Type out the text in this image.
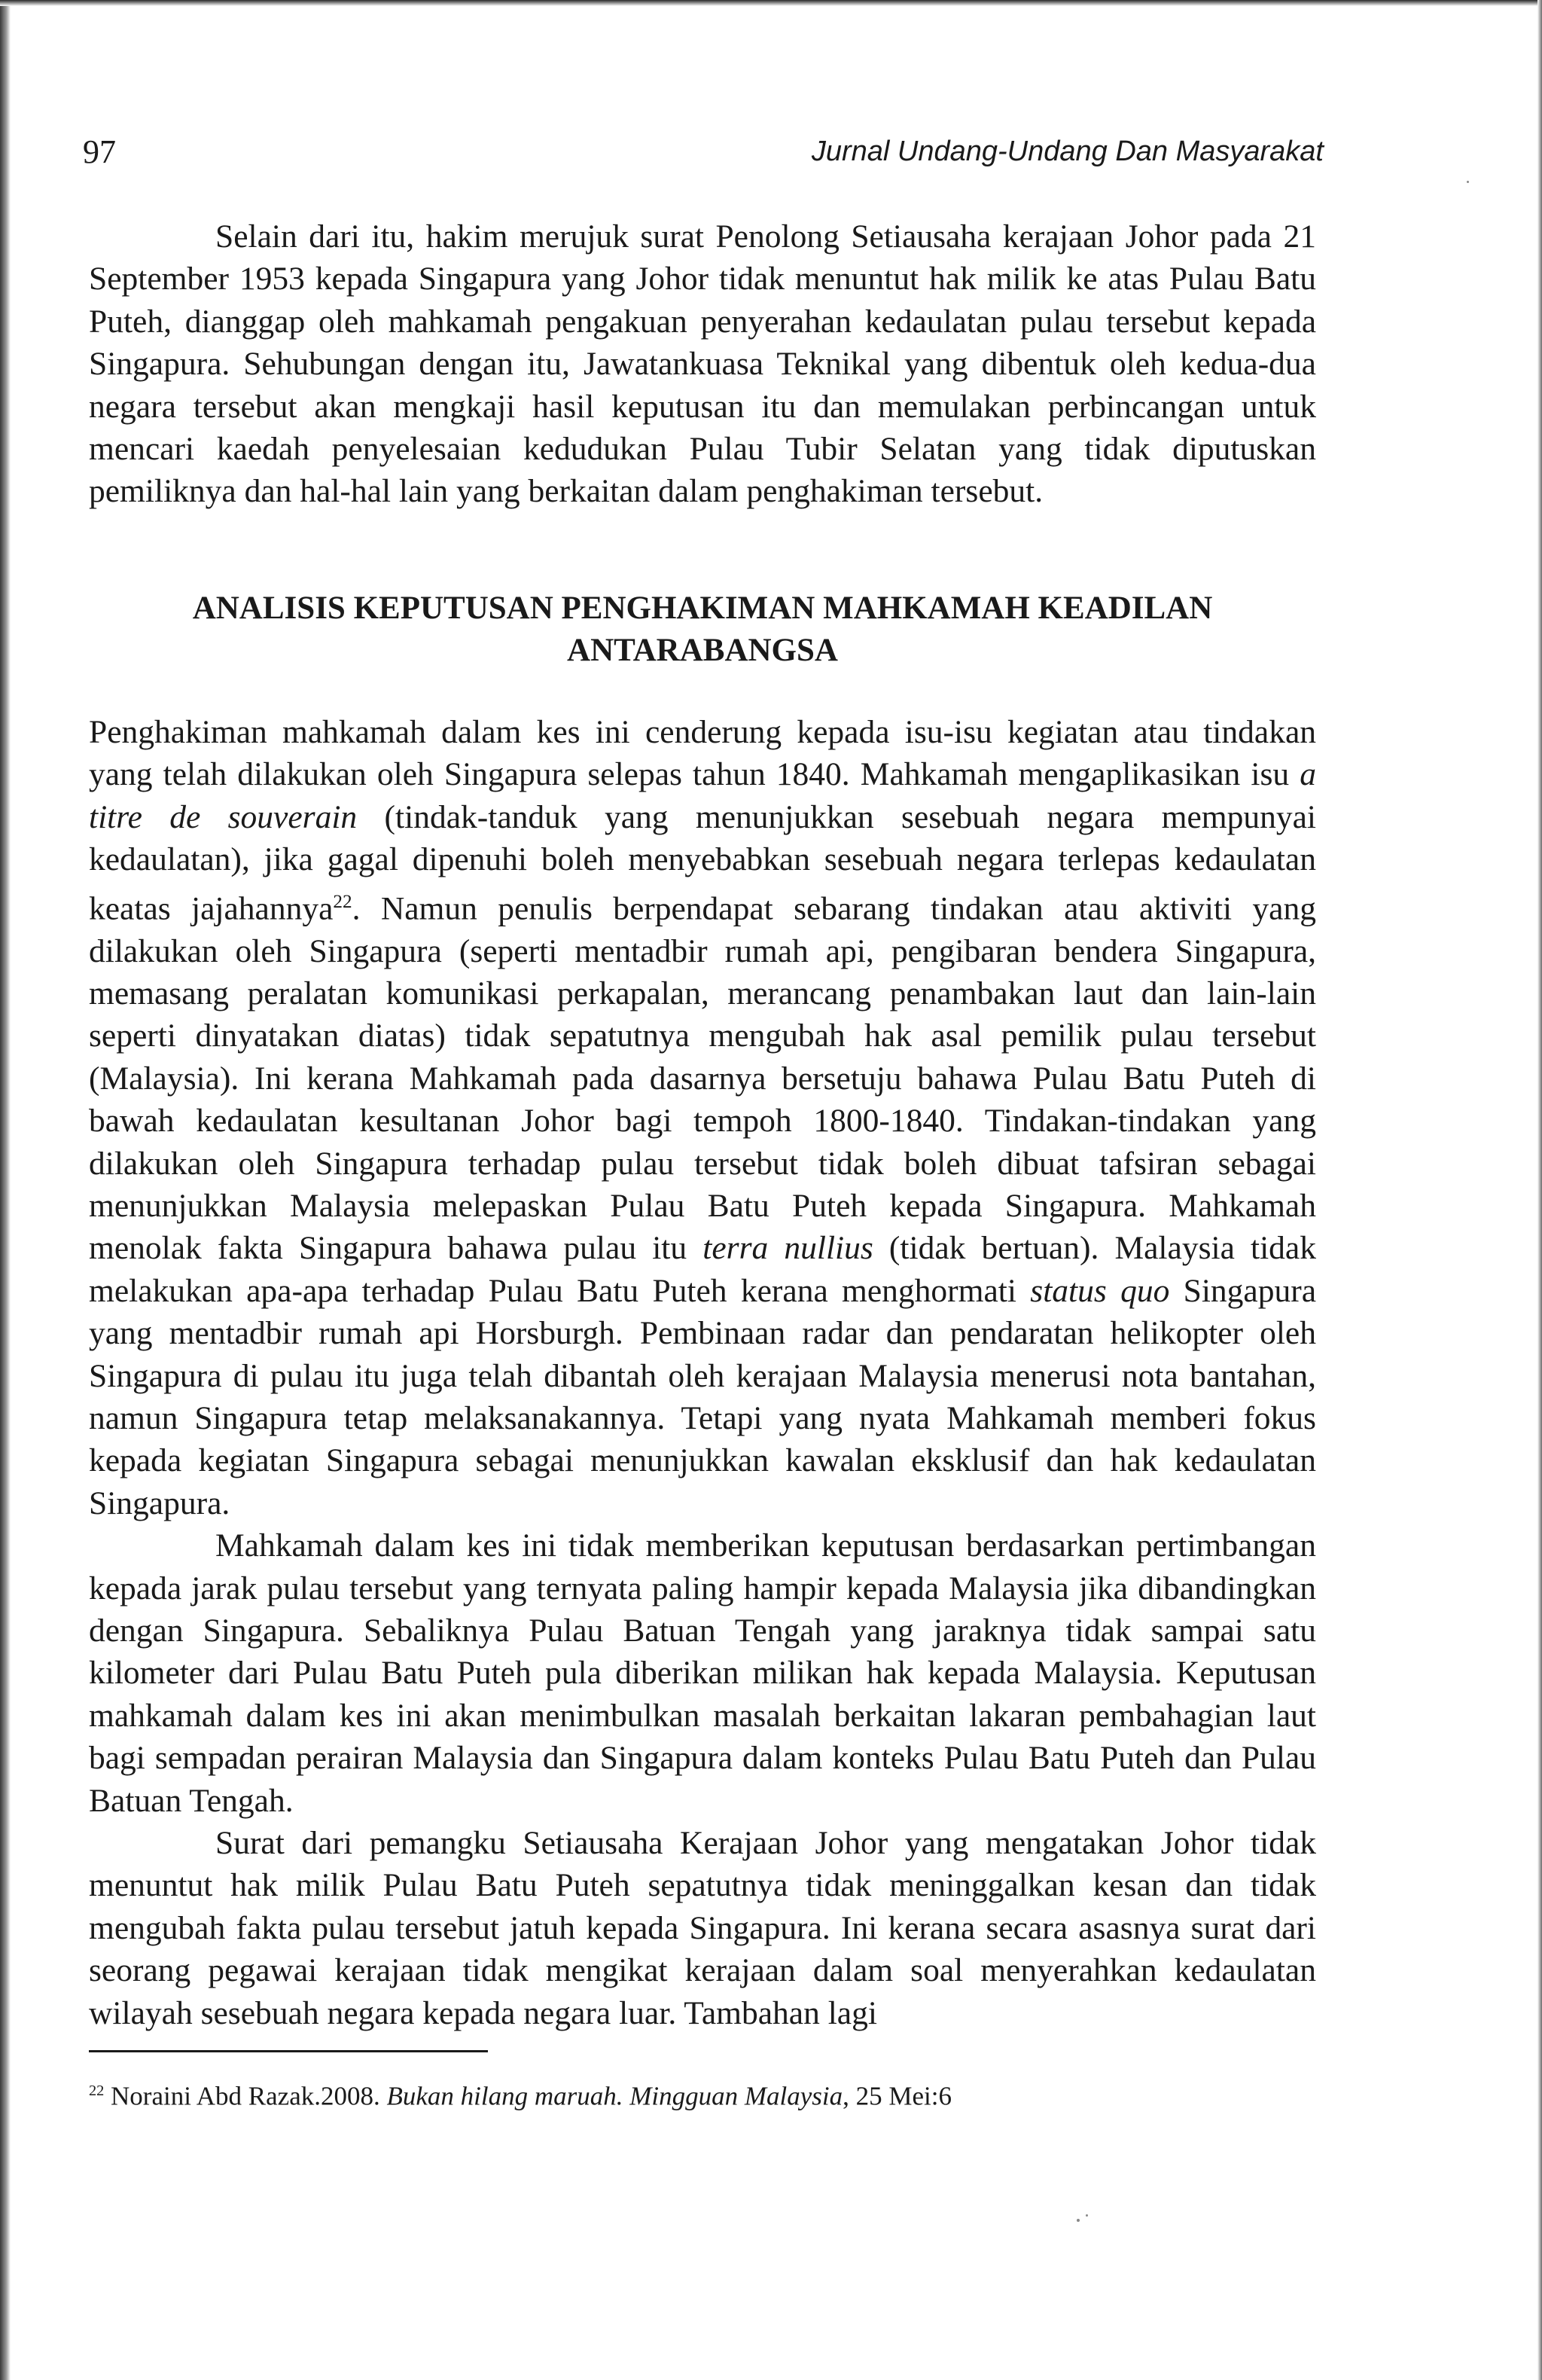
97	Jurnal Undang-Undang Dan Masyarakat

Selain dari itu, hakim merujuk surat Penolong Setiausaha kerajaan Johor pada 21 September 1953 kepada Singapura yang Johor tidak menuntut hak milik ke atas Pulau Batu Puteh, dianggap oleh mahkamah pengakuan penyerahan kedaulatan pulau tersebut kepada Singapura. Sehubungan dengan itu, Jawatankuasa Teknikal yang dibentuk oleh kedua-dua negara tersebut akan mengkaji hasil keputusan itu dan memulakan perbincangan untuk mencari kaedah penyelesaian kedudukan Pulau Tubir Selatan yang tidak diputuskan pemiliknya dan hal-hal lain yang berkaitan dalam penghakiman tersebut.

ANALISIS KEPUTUSAN PENGHAKIMAN MAHKAMAH KEADILAN
ANTARABANGSA

Penghakiman mahkamah dalam kes ini cenderung kepada isu-isu kegiatan atau tindakan yang telah dilakukan oleh Singapura selepas tahun 1840. Mahkamah mengaplikasikan isu a titre de souverain (tindak-tanduk yang menunjukkan sesebuah negara mempunyai kedaulatan), jika gagal dipenuhi boleh menyebabkan sesebuah negara terlepas kedaulatan keatas jajahannya$^{22}$. Namun penulis berpendapat sebarang tindakan atau aktiviti yang dilakukan oleh Singapura (seperti mentadbir rumah api, pengibaran bendera Singapura, memasang peralatan komunikasi perkapalan, merancang penambakan laut dan lain-lain seperti dinyatakan diatas) tidak sepatutnya mengubah hak asal pemilik pulau tersebut (Malaysia). Ini kerana Mahkamah pada dasarnya bersetuju bahawa Pulau Batu Puteh di bawah kedaulatan kesultanan Johor bagi tempoh 1800-1840. Tindakan-tindakan yang dilakukan oleh Singapura terhadap pulau tersebut tidak boleh dibuat tafsiran sebagai menunjukkan Malaysia melepaskan Pulau Batu Puteh kepada Singapura. Mahkamah menolak fakta Singapura bahawa pulau itu terra nullius (tidak bertuan). Malaysia tidak melakukan apa-apa terhadap Pulau Batu Puteh kerana menghormati status quo Singapura yang mentadbir rumah api Horsburgh. Pembinaan radar dan pendaratan helikopter oleh Singapura di pulau itu juga telah dibantah oleh kerajaan Malaysia menerusi nota bantahan, namun Singapura tetap melaksanakannya. Tetapi yang nyata Mahkamah memberi fokus kepada kegiatan Singapura sebagai menunjukkan kawalan eksklusif dan hak kedaulatan Singapura.

Mahkamah dalam kes ini tidak memberikan keputusan berdasarkan pertimbangan kepada jarak pulau tersebut yang ternyata paling hampir kepada Malaysia jika dibandingkan dengan Singapura. Sebaliknya Pulau Batuan Tengah yang jaraknya tidak sampai satu kilometer dari Pulau Batu Puteh pula diberikan milikan hak kepada Malaysia. Keputusan mahkamah dalam kes ini akan menimbulkan masalah berkaitan lakaran pembahagian laut bagi sempadan perairan Malaysia dan Singapura dalam konteks Pulau Batu Puteh dan Pulau Batuan Tengah.

Surat dari pemangku Setiausaha Kerajaan Johor yang mengatakan Johor tidak menuntut hak milik Pulau Batu Puteh sepatutnya tidak meninggalkan kesan dan tidak mengubah fakta pulau tersebut jatuh kepada Singapura. Ini kerana secara asasnya surat dari seorang pegawai kerajaan tidak mengikat kerajaan dalam soal menyerahkan kedaulatan wilayah sesebuah negara kepada negara luar. Tambahan lagi

$^{22}$ Noraini Abd Razak.2008. Bukan hilang maruah. Mingguan Malaysia, 25 Mei:6
